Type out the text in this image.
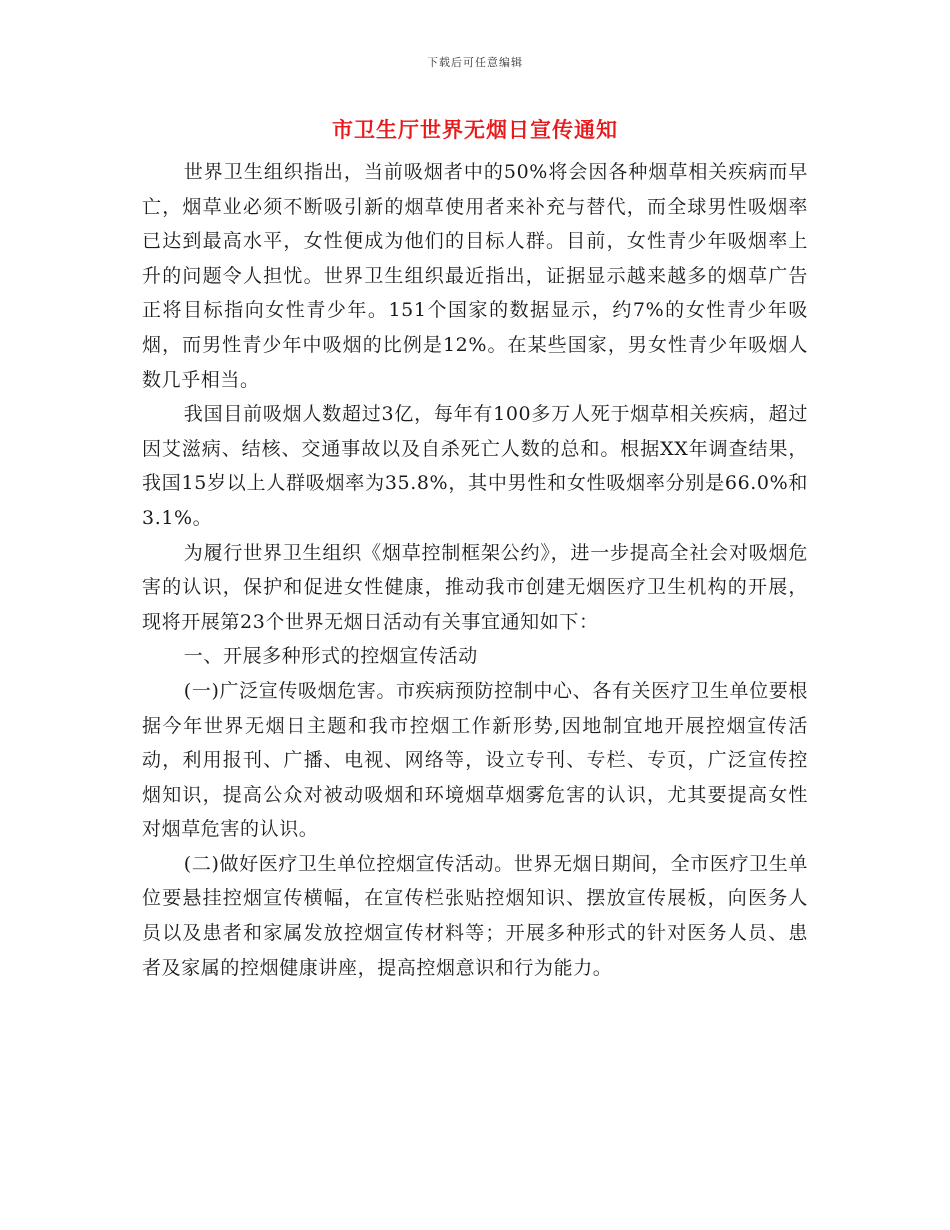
下载后可任意编辑
市卫生厅世界无烟日宣传通知

世界卫生组织指出，当前吸烟者中的50%将会因各种烟草相关疾病而早亡，烟草业必须不断吸引新的烟草使用者来补充与替代，而全球男性吸烟率已达到最高水平，女性便成为他们的目标人群。目前，女性青少年吸烟率上升的问题令人担忧。世界卫生组织最近指出，证据显示越来越多的烟草广告正将目标指向女性青少年。151个国家的数据显示，约7%的女性青少年吸烟，而男性青少年中吸烟的比例是12%。在某些国家，男女性青少年吸烟人数几乎相当。

我国目前吸烟人数超过3亿，每年有100多万人死于烟草相关疾病，超过因艾滋病、结核、交通事故以及自杀死亡人数的总和。根据XX年调查结果，我国15岁以上人群吸烟率为35.8%，其中男性和女性吸烟率分别是66.0%和3.1%。

为履行世界卫生组织《烟草控制框架公约》，进一步提高全社会对吸烟危害的认识，保护和促进女性健康，推动我市创建无烟医疗卫生机构的开展，现将开展第23个世界无烟日活动有关事宜通知如下：

一、开展多种形式的控烟宣传活动

(一)广泛宣传吸烟危害。市疾病预防控制中心、各有关医疗卫生单位要根据今年世界无烟日主题和我市控烟工作新形势,因地制宜地开展控烟宣传活动，利用报刊、广播、电视、网络等，设立专刊、专栏、专页，广泛宣传控烟知识，提高公众对被动吸烟和环境烟草烟雾危害的认识，尤其要提高女性对烟草危害的认识。

(二)做好医疗卫生单位控烟宣传活动。世界无烟日期间，全市医疗卫生单位要悬挂控烟宣传横幅，在宣传栏张贴控烟知识、摆放宣传展板，向医务人员以及患者和家属发放控烟宣传材料等；开展多种形式的针对医务人员、患者及家属的控烟健康讲座，提高控烟意识和行为能力。
